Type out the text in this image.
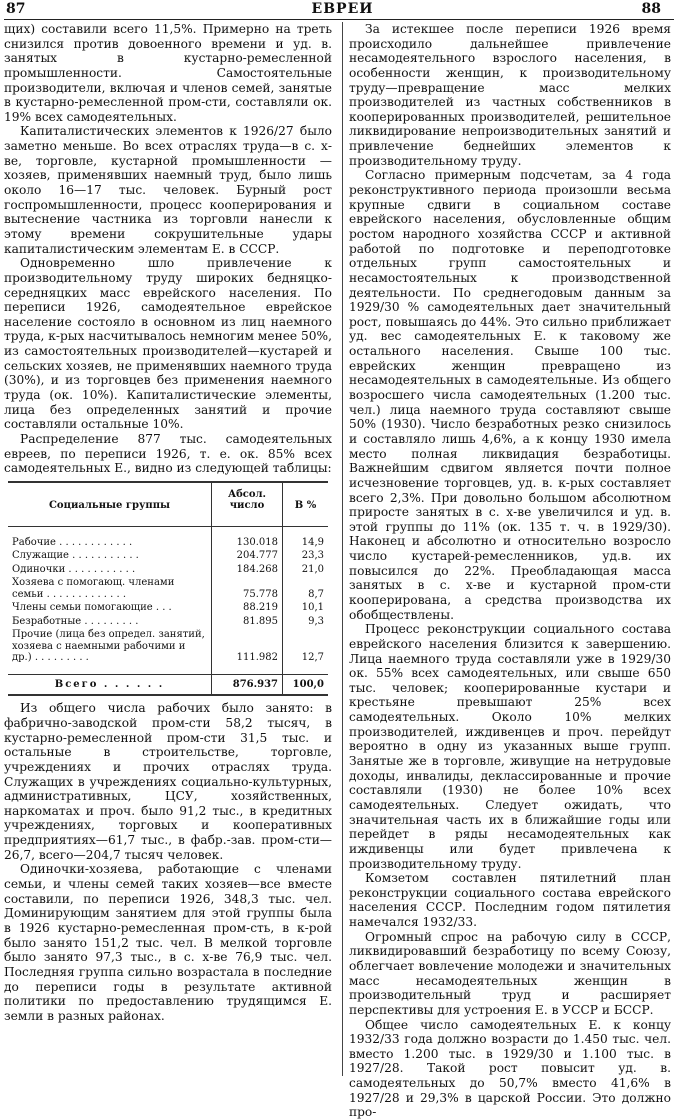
87	ЕВРЕИ	88

щих) составили всего 11,5%. Примерно на треть снизился против довоенного времени и уд. в. занятых в кустарно-ремесленной промышленности. Самостоятельные производители, включая и членов семей, занятые в кустарно-ремесленной пром-сти, составляли ок. 19% всех самодеятельных.

Капиталистических элементов к 1926/27 было заметно меньше. Во всех отраслях труда—в с. х-ве, торговле, кустарной промышленности — хозяев, применявших наемный труд, было лишь около 16—17 тыс. человек. Бурный рост госпромышленности, процесс кооперирования и вытеснение частника из торговли нанесли к этому времени сокрушительные удары капиталистическим элементам Е. в СССР.

Одновременно шло привлечение к производительному труду широких бедняцко-середняцких масс еврейского населения. По переписи 1926, самодеятельное еврейское население состояло в основном из лиц наемного труда, к-рых насчитывалось немногим менее 50%, из самостоятельных производителей—кустарей и сельских хозяев, не применявших наемного труда (30%), и из торговцев без применения наемного труда (ок. 10%). Капиталистические элементы, лица без определенных занятий и прочие составляли остальные 10%.

Распределение 877 тыс. самодеятельных евреев, по переписи 1926, т. е. ок. 85% всех самодеятельных Е., видно из следующей таблицы:

Социальные группы	Абсол. число	В %
Рабочие . . . . . . . . . . . .	130.018	14,9
Служащие . . . . . . . . . . .	204.777	23,3
Одиночки . . . . . . . . . . .	184.268	21,0
Хозяева с помогающ. членами семьи . . . . . . . . . . . . .	75.778	8,7
Члены семьи помогающие . . .	88.219	10,1
Безработные . . . . . . . . .	81.895	9,3
Прочие (лица без определ. занятий, хозяева с наемными рабочими и др.) . . . . . . . . .	111.982	12,7
Всего . . . . . .	876.937	100,0

Из общего числа рабочих было занято: в фабрично-заводской пром-сти 58,2 тысяч, в кустарно-ремесленной пром-сти 31,5 тыс. и остальные в строительстве, торговле, учреждениях и прочих отраслях труда. Служащих в учреждениях социально-культурных, административных, ЦСУ, хозяйственных, наркоматах и проч. было 91,2 тыс., в кредитных учреждениях, торговых и кооперативных предприятиях—61,7 тыс., в фабр.-зав. пром-сти—26,7, всего—204,7 тысяч человек.

Одиночки-хозяева, работающие с членами семьи, и члены семей таких хозяев—все вместе составили, по переписи 1926, 348,3 тыс. чел. Доминирующим занятием для этой группы была в 1926 кустарно-ремесленная пром-сть, в к-рой было занято 151,2 тыс. чел. В мелкой торговле было занято 97,3 тыс., в с. х-ве 76,9 тыс. чел. Последняя группа сильно возрастала в последние до переписи годы в результате активной политики по предоставлению трудящимся Е. земли в разных районах.

За истекшее после переписи 1926 время происходило дальнейшее привлечение несамодеятельного взрослого населения, в особенности женщин, к производительному труду—превращение масс мелких производителей из частных собственников в кооперированных производителей, решительное ликвидирование непроизводительных занятий и привлечение беднейших элементов к производительному труду.

Согласно примерным подсчетам, за 4 года реконструктивного периода произошли весьма крупные сдвиги в социальном составе еврейского населения, обусловленные общим ростом народного хозяйства СССР и активной работой по подготовке и переподготовке отдельных групп самостоятельных и несамостоятельных к производственной деятельности. По среднегодовым данным за 1929/30 % самодеятельных дает значительный рост, повышаясь до 44%. Это сильно приближает уд. вес самодеятельных Е. к таковому же остального населения. Свыше 100 тыс. еврейских женщин превращено из несамодеятельных в самодеятельные. Из общего возросшего числа самодеятельных (1.200 тыс. чел.) лица наемного труда составляют свыше 50% (1930). Число безработных резко снизилось и составляло лишь 4,6%, а к концу 1930 имела место полная ликвидация безработицы. Важнейшим сдвигом является почти полное исчезновение торговцев, уд. в. к-рых составляет всего 2,3%. При довольно большом абсолютном приросте занятых в с. х-ве увеличился и уд. в. этой группы до 11% (ок. 135 т. ч. в 1929/30). Наконец и абсолютно и относительно возросло число кустарей-ремесленников, уд.в. их повысился до 22%. Преобладающая масса занятых в с. х-ве и кустарной пром-сти кооперирована, а средства производства их обобществлены.

Процесс реконструкции социального состава еврейского населения близится к завершению. Лица наемного труда составляли уже в 1929/30 ок. 55% всех самодеятельных, или свыше 650 тыс. человек; кооперированные кустари и крестьяне превышают 25% всех самодеятельных. Около 10% мелких производителей, иждивенцев и проч. перейдут вероятно в одну из указанных выше групп. Занятые же в торговле, живущие на нетрудовые доходы, инвалиды, деклассированные и прочие составляли (1930) не более 10% всех самодеятельных. Следует ожидать, что значительная часть их в ближайшие годы или перейдет в ряды несамодеятельных как иждивенцы или будет привлечена к производительному труду.

Комзетом составлен пятилетний план реконструкции социального состава еврейского населения СССР. Последним годом пятилетия намечался 1932/33.

Огромный спрос на рабочую силу в СССР, ликвидировавший безработицу по всему Союзу, облегчает вовлечение молодежи и значительных масс несамодеятельных женщин в производительный труд и расширяет перспективы для устроения Е. в УССР и БССР.

Общее число самодеятельных Е. к концу 1932/33 года должно возрасти до 1.450 тыс. чел. вместо 1.200 тыс. в 1929/30 и 1.100 тыс. в 1927/28. Такой рост повысит уд. в. самодеятельных до 50,7% вместо 41,6% в 1927/28 и 29,3% в царской России. Это должно про-
